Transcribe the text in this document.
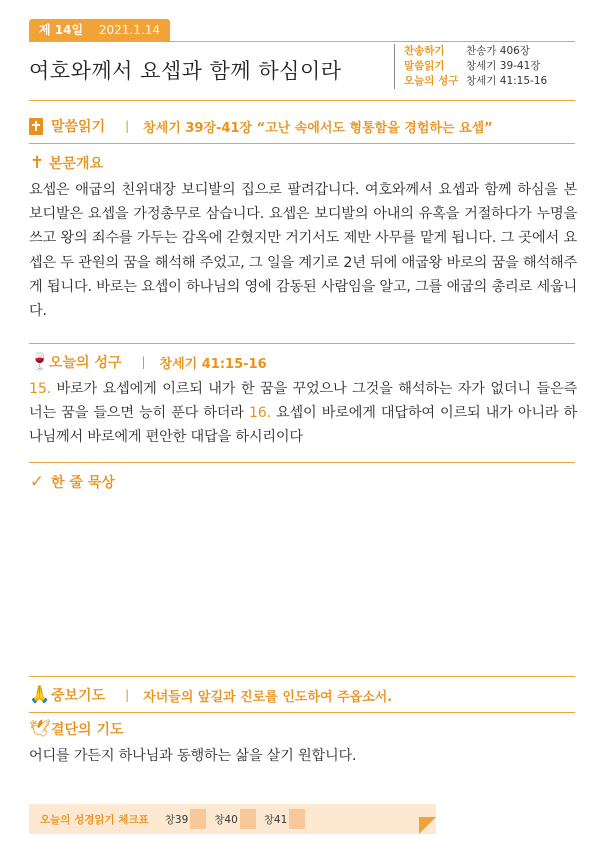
제 14일 2021.1.14
여호와께서 요셉과 함께 하심이라
찬송하기	찬송가 406장
말씀읽기	창세기 39-41장
오늘의 성구 창세기 41:15-16
말씀읽기 | 창세기 39장-41장 “고난 속에서도 형통함을 경험하는 요셉”
✝ 본문개요
요셉은 애굽의 친위대장 보디발의 집으로 팔려갑니다. 여호와께서 요셉과 함께 하심을 본 보디발은 요셉을 가정총무로 삼습니다. 요셉은 보디발의 아내의 유혹을 거절하다가 누명을 쓰고 왕의 죄수를 가두는 감옥에 갇혔지만 거기서도 제반 사무를 맡게 됩니다. 그 곳에서 요셉은 두 관원의 꿈을 해석해 주었고, 그 일을 계기로 2년 뒤에 애굽왕 바로의 꿈을 해석해주게 됩니다. 바로는 요셉이 하나님의 영에 감동된 사람임을 알고, 그를 애굽의 총리로 세웁니다.
🍷
오늘의 성구 | 창세기 41:15-16
15. 바로가 요셉에게 이르되 내가 한 꿈을 꾸었으나 그것을 해석하는 자가 없더니 들은즉 너는 꿈을 들으면 능히 푼다 하더라 16. 요셉이 바로에게 대답하여 이르되 내가 아니라 하나님께서 바로에게 편안한 대답을 하시리이다
✓ 한 줄 묵상
🙏 중보기도 | 자녀들의 앞길과 진로를 인도하여 주옵소서.
🕊 결단의 기도
어디를 가든지 하나님과 동행하는 삶을 살기 원합니다.
오늘의 성경읽기 체크표 창39 창40 창41
